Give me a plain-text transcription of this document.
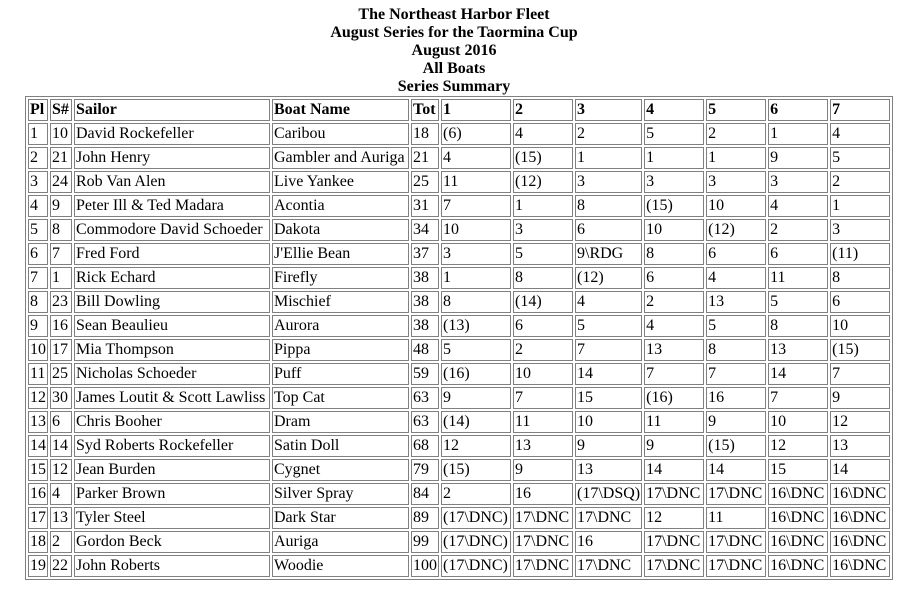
The Northeast Harbor Fleet
August Series for the Taormina Cup
August 2016
All Boats
Series Summary
Pl	S#	Sailor	Boat Name	Tot	1	2	3	4	5	6	7
1	10	David Rockefeller	Caribou	18	(6)	4	2	5	2	1	4
2	21	John Henry	Gambler and Auriga	21	4	(15)	1	1	1	9	5
3	24	Rob Van Alen	Live Yankee	25	11	(12)	3	3	3	3	2
4	9	Peter Ill & Ted Madara	Acontia	31	7	1	8	(15)	10	4	1
5	8	Commodore David Schoeder	Dakota	34	10	3	6	10	(12)	2	3
6	7	Fred Ford	J'Ellie Bean	37	3	5	9\RDG	8	6	6	(11)
7	1	Rick Echard	Firefly	38	1	8	(12)	6	4	11	8
8	23	Bill Dowling	Mischief	38	8	(14)	4	2	13	5	6
9	16	Sean Beaulieu	Aurora	38	(13)	6	5	4	5	8	10
10	17	Mia Thompson	Pippa	48	5	2	7	13	8	13	(15)
11	25	Nicholas Schoeder	Puff	59	(16)	10	14	7	7	14	7
12	30	James Loutit & Scott Lawliss	Top Cat	63	9	7	15	(16)	16	7	9
13	6	Chris Booher	Dram	63	(14)	11	10	11	9	10	12
14	14	Syd Roberts Rockefeller	Satin Doll	68	12	13	9	9	(15)	12	13
15	12	Jean Burden	Cygnet	79	(15)	9	13	14	14	15	14
16	4	Parker Brown	Silver Spray	84	2	16	(17\DSQ)	17\DNC	17\DNC	16\DNC	16\DNC
17	13	Tyler Steel	Dark Star	89	(17\DNC)	17\DNC	17\DNC	12	11	16\DNC	16\DNC
18	2	Gordon Beck	Auriga	99	(17\DNC)	17\DNC	16	17\DNC	17\DNC	16\DNC	16\DNC
19	22	John Roberts	Woodie	100	(17\DNC)	17\DNC	17\DNC	17\DNC	17\DNC	16\DNC	16\DNC
